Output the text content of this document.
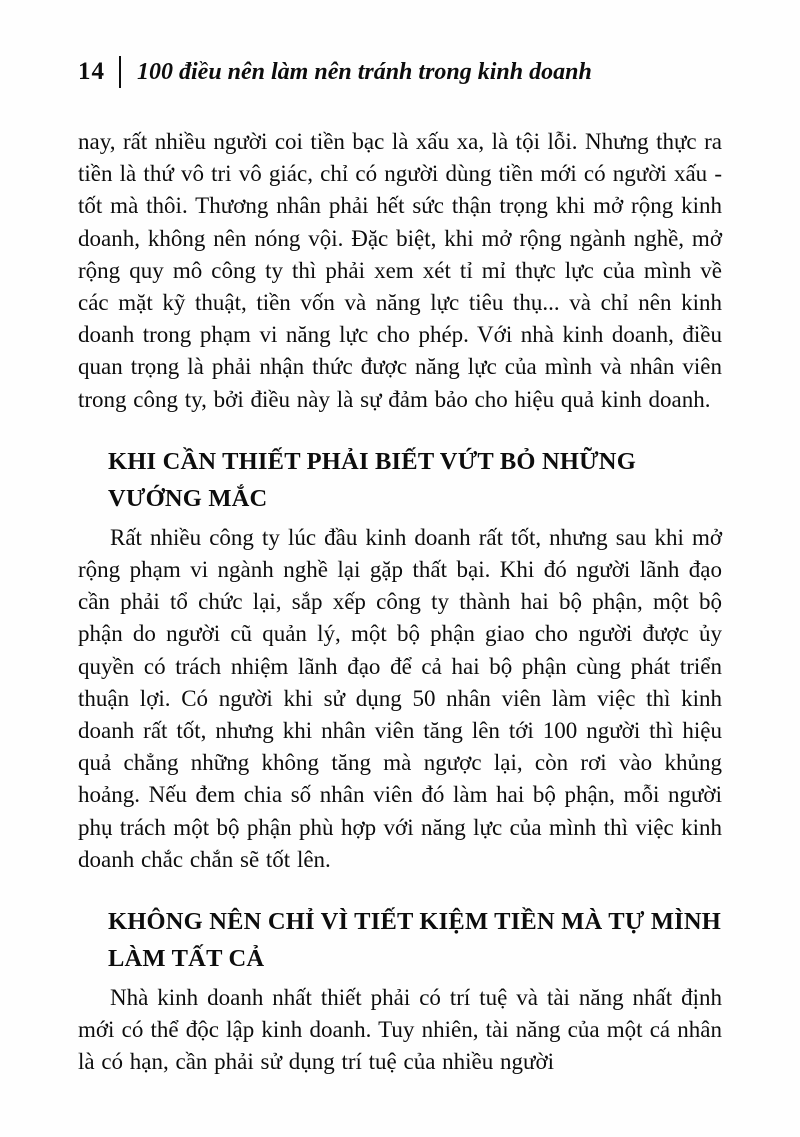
14 100 điều nên làm nên tránh trong kinh doanh

nay, rất nhiều người coi tiền bạc là xấu xa, là tội lỗi. Nhưng thực ra tiền là thứ vô tri vô giác, chỉ có người dùng tiền mới có người xấu - tốt mà thôi. Thương nhân phải hết sức thận trọng khi mở rộng kinh doanh, không nên nóng vội. Đặc biệt, khi mở rộng ngành nghề, mở rộng quy mô công ty thì phải xem xét tỉ mỉ thực lực của mình về các mặt kỹ thuật, tiền vốn và năng lực tiêu thụ... và chỉ nên kinh doanh trong phạm vi năng lực cho phép. Với nhà kinh doanh, điều quan trọng là phải nhận thức được năng lực của mình và nhân viên trong công ty, bởi điều này là sự đảm bảo cho hiệu quả kinh doanh.

KHI CẦN THIẾT PHẢI BIẾT VỨT BỎ NHỮNG VƯỚNG MẮC

Rất nhiều công ty lúc đầu kinh doanh rất tốt, nhưng sau khi mở rộng phạm vi ngành nghề lại gặp thất bại. Khi đó người lãnh đạo cần phải tổ chức lại, sắp xếp công ty thành hai bộ phận, một bộ phận do người cũ quản lý, một bộ phận giao cho người được ủy quyền có trách nhiệm lãnh đạo để cả hai bộ phận cùng phát triển thuận lợi. Có người khi sử dụng 50 nhân viên làm việc thì kinh doanh rất tốt, nhưng khi nhân viên tăng lên tới 100 người thì hiệu quả chẳng những không tăng mà ngược lại, còn rơi vào khủng hoảng. Nếu đem chia số nhân viên đó làm hai bộ phận, mỗi người phụ trách một bộ phận phù hợp với năng lực của mình thì việc kinh doanh chắc chắn sẽ tốt lên.

KHÔNG NÊN CHỈ VÌ TIẾT KIỆM TIỀN MÀ TỰ MÌNH LÀM TẤT CẢ

Nhà kinh doanh nhất thiết phải có trí tuệ và tài năng nhất định mới có thể độc lập kinh doanh. Tuy nhiên, tài năng của một cá nhân là có hạn, cần phải sử dụng trí tuệ của nhiều người
